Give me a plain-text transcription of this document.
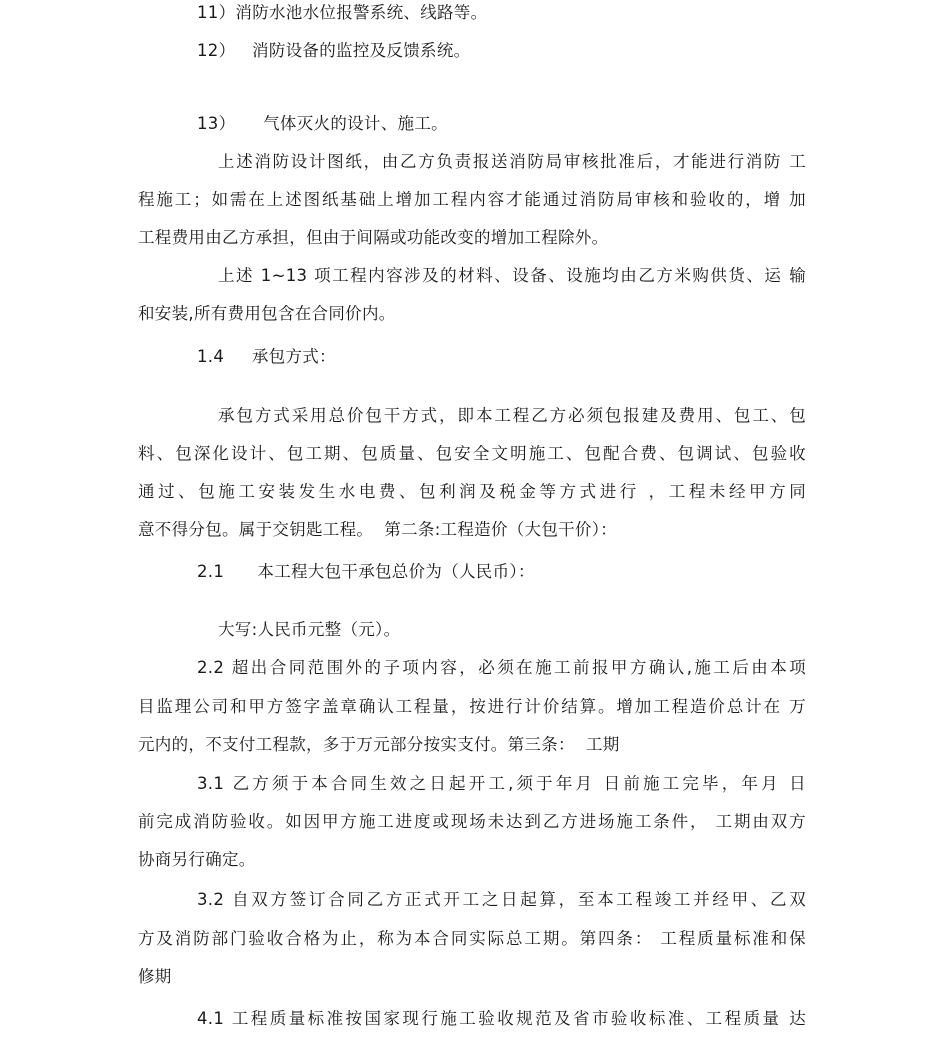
11）消防水池水位报警系统、线路等。
12）   消防设备的监控及反馈系统。
13）     气体灭火的设计、施工。
上述消防设计图纸，由乙方负责报送消防局审核批准后，才能进行消防 工
程施工；如需在上述图纸基础上增加工程内容才能通过消防局审核和验收的，增 加
工程费用由乙方承担，但由于间隔或功能改变的增加工程除外。
上述 1~13 项工程内容涉及的材料、设备、设施均由乙方米购供货、运 输
和安装,所有费用包含在合同价内。
1.4     承包方式：
承包方式采用总价包干方式，即本工程乙方必须包报建及费用、包工、包
料、包深化设计、包工期、包质量、包安全文明施工、包配合费、包调试、包验收
通过、包施工安装发生水电费、包利润及税金等方式进行 ，工程未经甲方同
意不得分包。属于交钥匙工程。  第二条:工程造价（大包干价）：
2.1      本工程大包干承包总价为（人民币）：
大写:人民币元整（元）。
2.2 超出合同范围外的子项内容，必须在施工前报甲方确认,施工后由本项
目监理公司和甲方签字盖章确认工程量，按进行计价结算。增加工程造价总计在 万
元内的，不支付工程款，多于万元部分按实支付。第三条：  工期
3.1 乙方须于本合同生效之日起开工,须于年月 日前施工完毕，年月 日
前完成消防验收。如因甲方施工进度或现场未达到乙方进场施工条件， 工期由双方
协商另行确定。
3.2 自双方签订合同乙方正式开工之日起算，至本工程竣工并经甲、乙双
方及消防部门验收合格为止，称为本合同实际总工期。第四条： 工程质量标准和保
修期
4.1 工程质量标准按国家现行施工验收规范及省市验收标准、工程质量 达
